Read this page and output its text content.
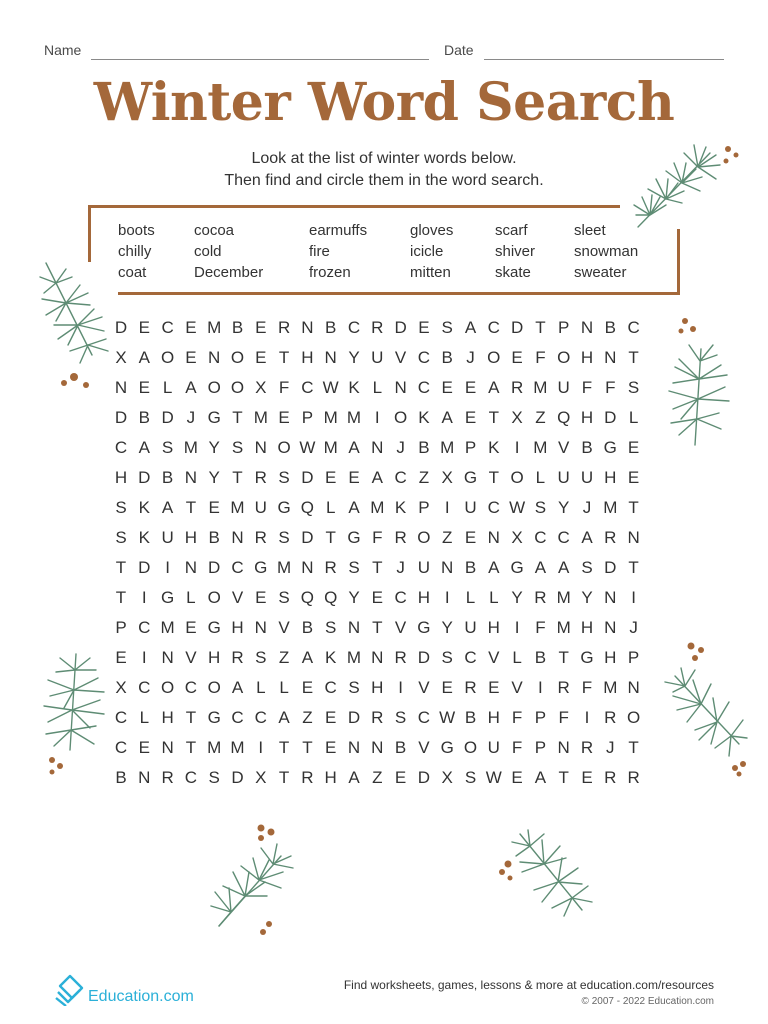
Name	Date
Winter Word Search
Look at the list of winter words below.
Then find and circle them in the word search.
boots	cocoa	earmuffs	gloves	scarf	sleet
chilly	cold	fire	icicle	shiver	snowman
coat	December	frozen	mitten	skate	sweater
D E C E M B E R N B C R D E S A C D T P N B C
X A O E N O E T H N Y U V C B J O E F O H N T
N E L A O O X F C W K L N C E E A R M U F F S
D B D J G T M E P M M I O K A E T X Z Q H D L
C A S M Y S N O W M A N J B M P K I M V B G E
H D B N Y T R S D E E A C Z X G T O L U U H E
S K A T E M U G Q L A M K P I U C W S Y J M T
S K U H B N R S D T G F R O Z E N X C C A R N
T D I N D C G M N R S T J U N B A G A A S D T
T I G L O V E S Q Q Y E C H I L L Y R M Y N I
P C M E G H N V B S N T V G Y U H I F M H N J
E I N V H R S Z A K M N R D S C V L B T G H P
X C O C O A L L E C S H I V E R E V I R F M N
C L H T G C C A Z E D R S C W B H F P F I R O
C E N T M M I T T E N N B V G O U F P N R J T
B N R C S D X T R H A Z E D X S W E A T E R R
Education.com
Find worksheets, games, lessons & more at education.com/resources
© 2007 - 2022 Education.com
